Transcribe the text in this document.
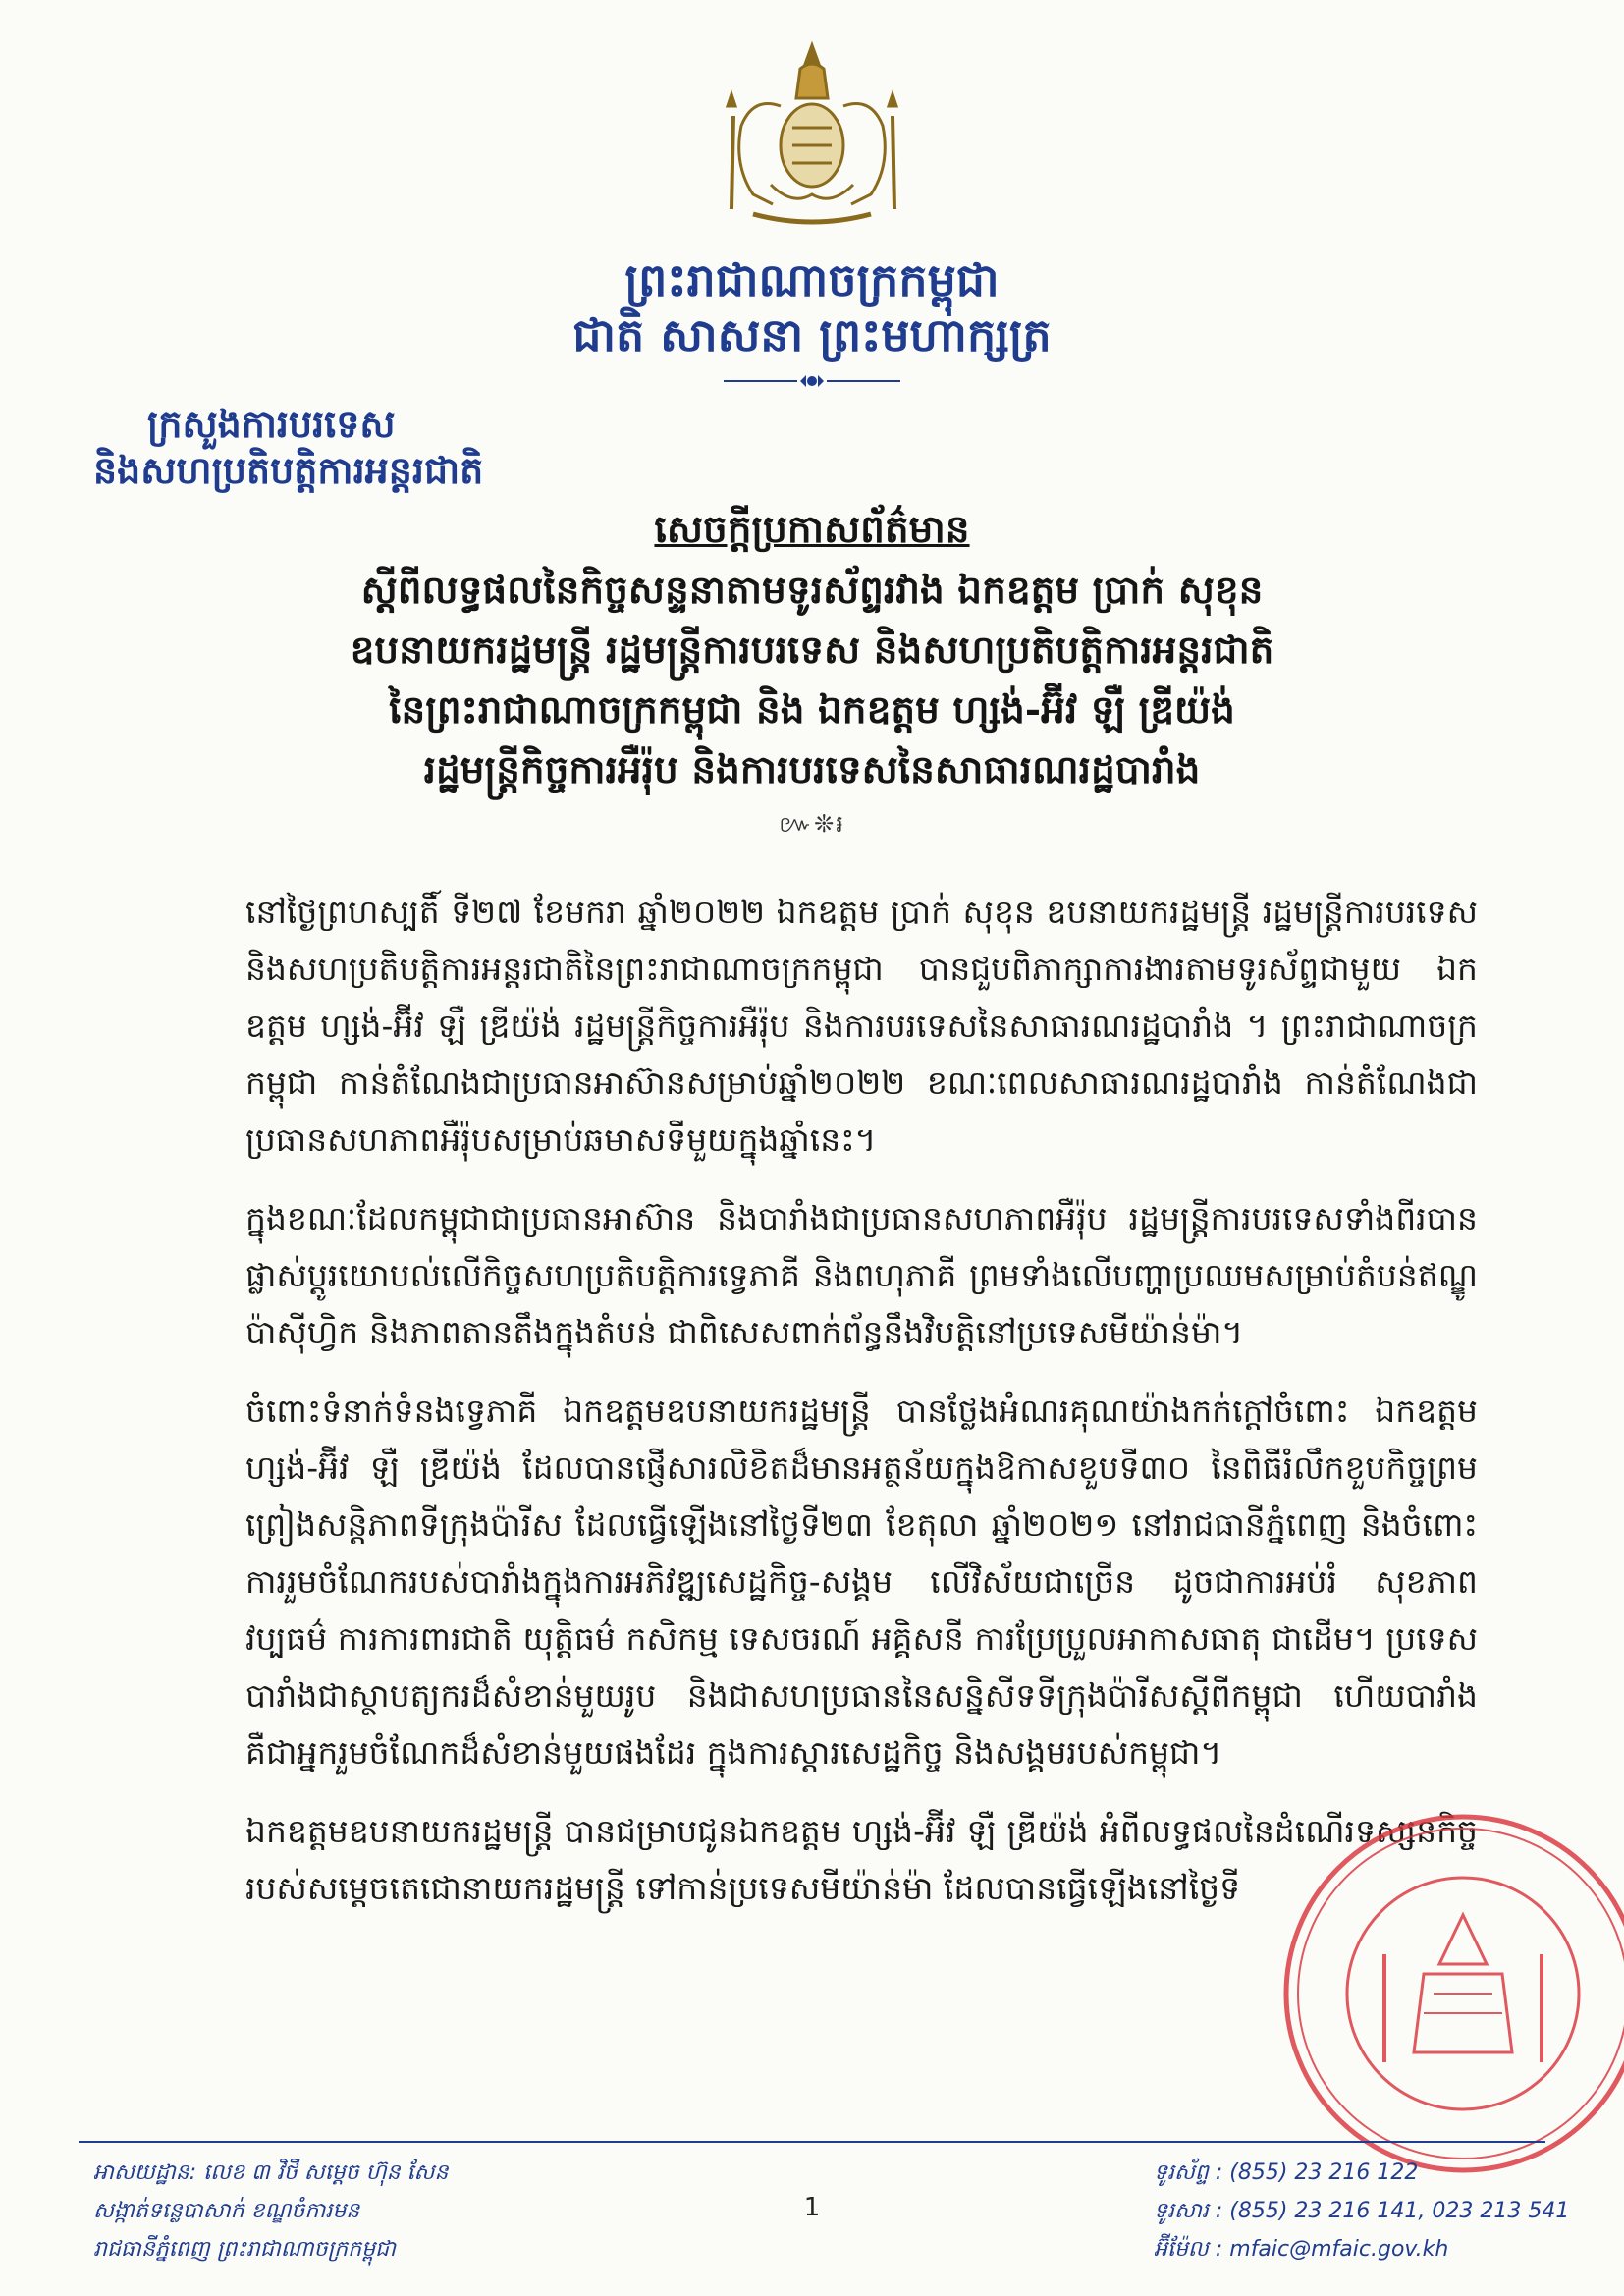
ព្រះរាជាណាចក្រកម្ពុជា
ជាតិ សាសនា ព្រះមហាក្សត្រ
ក្រសួងការបរទេស
និងសហប្រតិបត្តិការអន្តរជាតិ
សេចក្តីប្រកាសព័ត៌មាន
ស្តីពីលទ្ធផលនៃកិច្ចសន្ទនាតាមទូរស័ព្ទរវាង ឯកឧត្តម ប្រាក់ សុខុន
ឧបនាយករដ្ឋមន្ត្រី រដ្ឋមន្ត្រីការបរទេស និងសហប្រតិបត្តិការអន្តរជាតិ
នៃព្រះរាជាណាចក្រកម្ពុជា និង ឯកឧត្តម ហ្សង់-អ៊ីវ ឡឺ ឌ្រីយ៉ង់
រដ្ឋមន្ត្រីកិច្ចការអឺរ៉ុប និងការបរទេសនៃសាធារណរដ្ឋបារាំង
៚❊៛

នៅថ្ងៃព្រហស្បតិ៍ ទី២៧ ខែមករា ឆ្នាំ២០២២ ឯកឧត្តម ប្រាក់ សុខុន ឧបនាយករដ្ឋមន្ត្រី រដ្ឋមន្ត្រីការបរទេស និងសហប្រតិបត្តិការអន្តរជាតិនៃព្រះរាជាណាចក្រកម្ពុជា បានជួបពិភាក្សាការងារតាមទូរស័ព្ទជាមួយ ឯកឧត្តម ហ្សង់-អ៊ីវ ឡឺ ឌ្រីយ៉ង់ រដ្ឋមន្ត្រីកិច្ចការអឺរ៉ុប និងការបរទេសនៃសាធារណរដ្ឋបារាំង ។ ព្រះរាជាណាចក្រកម្ពុជា កាន់តំណែងជាប្រធានអាស៊ានសម្រាប់ឆ្នាំ២០២២ ខណៈពេលសាធារណរដ្ឋបារាំង កាន់តំណែងជាប្រធានសហភាពអឺរ៉ុបសម្រាប់ឆមាសទីមួយក្នុងឆ្នាំនេះ។

ក្នុងខណៈដែលកម្ពុជាជាប្រធានអាស៊ាន និងបារាំងជាប្រធានសហភាពអឺរ៉ុប រដ្ឋមន្ត្រីការបរទេសទាំងពីរបានផ្លាស់ប្តូរយោបល់លើកិច្ចសហប្រតិបត្តិការទ្វេភាគី និងពហុភាគី ព្រមទាំងលើបញ្ហាប្រឈមសម្រាប់តំបន់ឥណ្ឌូប៉ាស៊ីហ្វិក និងភាពតានតឹងក្នុងតំបន់ ជាពិសេសពាក់ព័ន្ធនឹងវិបត្តិនៅប្រទេសមីយ៉ាន់ម៉ា។

ចំពោះទំនាក់ទំនងទ្វេភាគី ឯកឧត្តមឧបនាយករដ្ឋមន្ត្រី បានថ្លែងអំណរគុណយ៉ាងកក់ក្តៅចំពោះ ឯកឧត្តម ហ្សង់-អ៊ីវ ឡឺ ឌ្រីយ៉ង់ ដែលបានផ្ញើសារលិខិតដ៏មានអត្ថន័យក្នុងឱកាសខួបទី៣០ នៃពិធីរំលឹកខួបកិច្ចព្រមព្រៀងសន្តិភាពទីក្រុងប៉ារីស ដែលធ្វើឡើងនៅថ្ងៃទី២៣ ខែតុលា ឆ្នាំ២០២១ នៅរាជធានីភ្នំពេញ និងចំពោះការរួមចំណែករបស់បារាំងក្នុងការអភិវឌ្ឍសេដ្ឋកិច្ច-សង្គម លើវិស័យជាច្រើន ដូចជាការអប់រំ សុខភាព វប្បធម៌ ការការពារជាតិ យុត្តិធម៌ កសិកម្ម ទេសចរណ៍ អគ្គិសនី ការប្រែប្រួលអាកាសធាតុ ជាដើម។ ប្រទេសបារាំងជាស្ថាបត្យករដ៏សំខាន់មួយរូប និងជាសហប្រធាននៃសន្និសីទទីក្រុងប៉ារីសស្តីពីកម្ពុជា ហើយបារាំងគឺជាអ្នករួមចំណែកដ៏សំខាន់មួយផងដែរ ក្នុងការស្តារសេដ្ឋកិច្ច និងសង្គមរបស់កម្ពុជា។

ឯកឧត្តមឧបនាយករដ្ឋមន្ត្រី បានជម្រាបជូនឯកឧត្តម ហ្សង់-អ៊ីវ ឡឺ ឌ្រីយ៉ង់ អំពីលទ្ធផលនៃដំណើរទស្សនកិច្ចរបស់សម្តេចតេជោនាយករដ្ឋមន្ត្រី ទៅកាន់ប្រទេសមីយ៉ាន់ម៉ា ដែលបានធ្វើឡើងនៅថ្ងៃទី

អាសយដ្ឋាន: លេខ ៣ វិថី សម្តេច ហ៊ុន សែន
សង្កាត់ទន្លេបាសាក់ ខណ្ឌចំការមន
រាជធានីភ្នំពេញ ព្រះរាជាណាចក្រកម្ពុជា
1
ទូរស័ព្ទ : (855) 23 216 122
ទូរសារ : (855) 23 216 141, 023 213 541
អ៊ីម៉ែល : mfaic@mfaic.gov.kh
